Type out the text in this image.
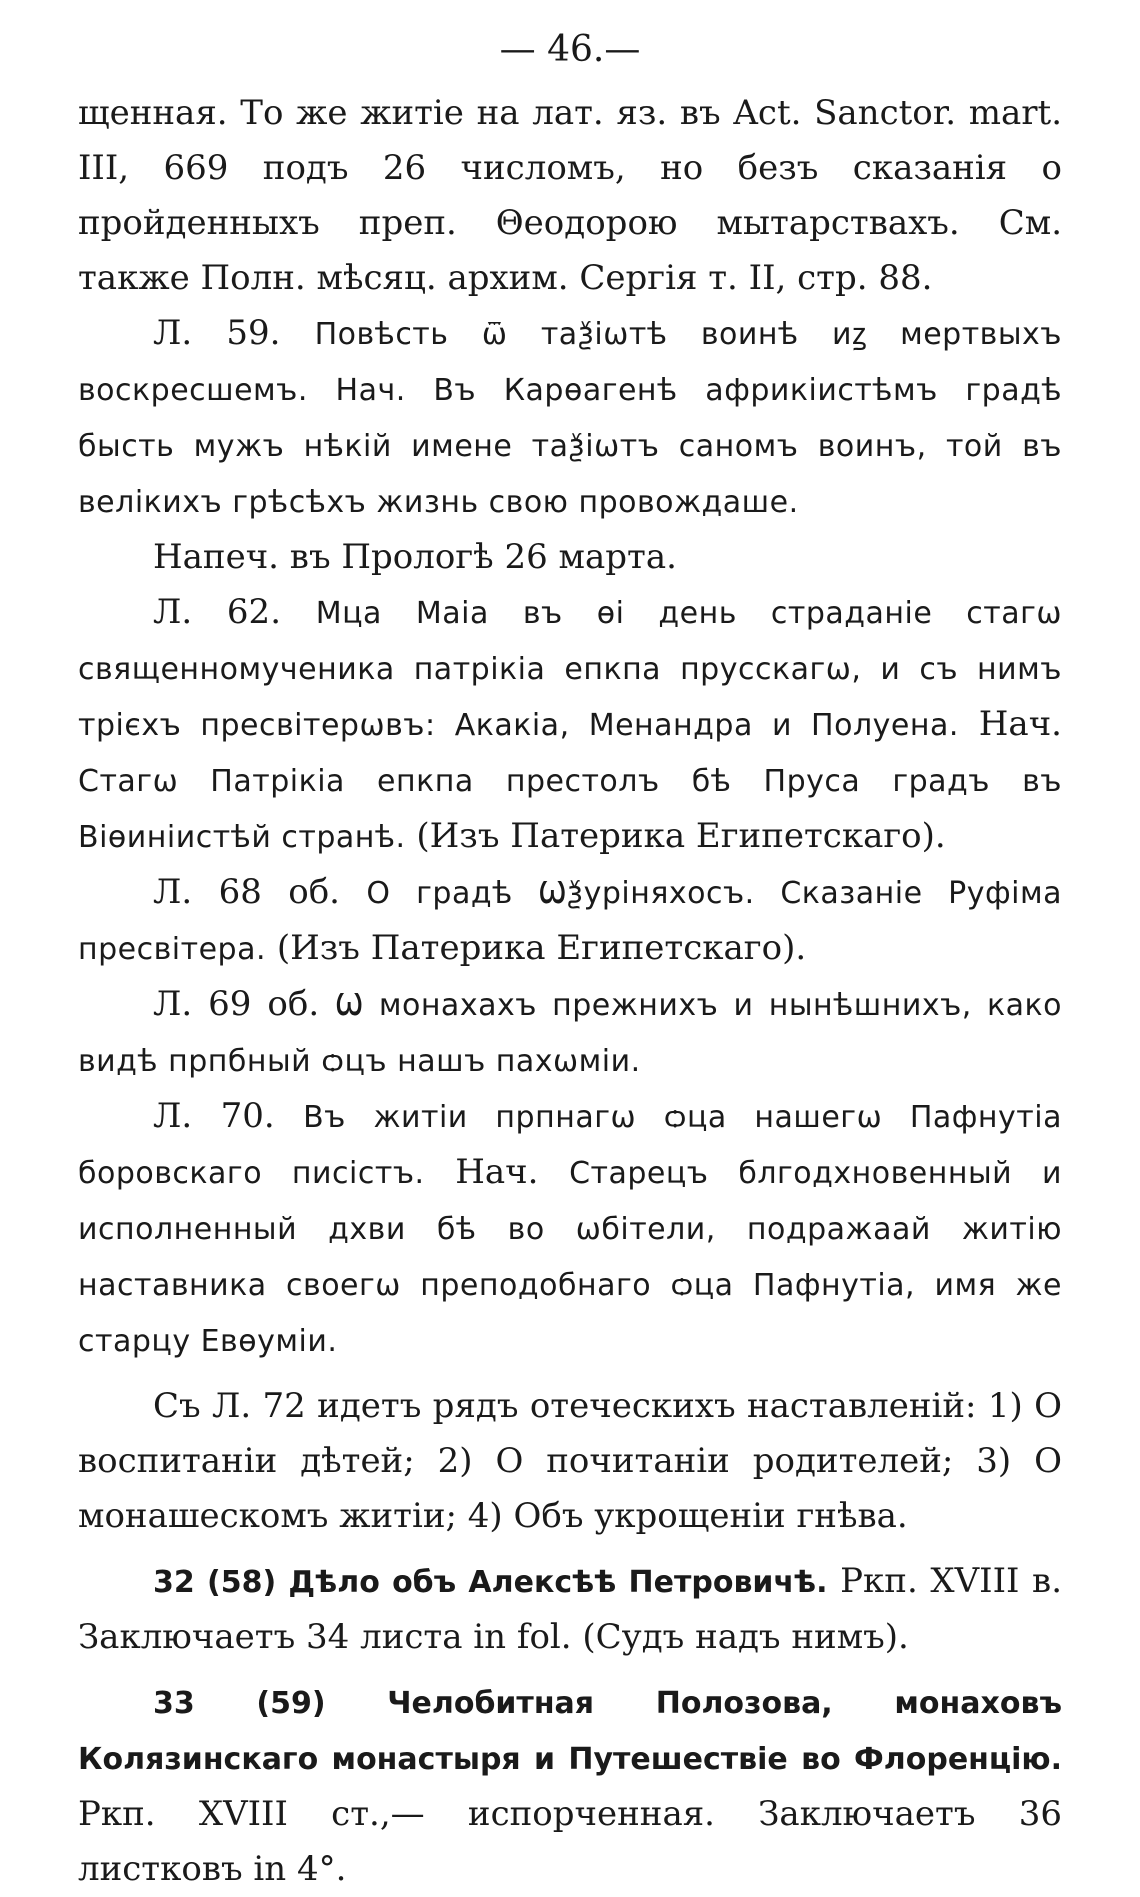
— 46.—

щенная. То же житіе на лат. яз. въ Act. Sanctor. mart. III, 669 подъ 26 числомъ, но безъ сказанія о пройденныхъ преп. Θеодорою мытарствахъ. См. также Полн. мѣсяц. архим. Сергія т. II, стр. 88.

Л. 59. Повѣсть ѿ таѯіѡтѣ воинѣ иꙁ мертвыхъ воскресшемъ. Нач. Въ Карѳагенѣ африкіистѣмъ градѣ бысть мужъ нѣкій имене таѯіѡтъ саномъ воинъ, той въ велікихъ грѣсѣхъ жизнь свою провождаше.

Напеч. въ Прологѣ 26 марта.

Л. 62. Мца Маіа въ ѳі день страданіе стагѡ священномученика патрікіа епкпа прусскагѡ, и съ нимъ трієхъ пресвітерѡвъ: Акакіа, Менандра и Полуена. Нач. Стагѡ Патрікіа епкпа престолъ бѣ Пруса градъ въ Віѳиніистѣй странѣ. (Изъ Патерика Египетскаго).

Л. 68 об. О градѣ Ѡѯуріняхосъ. Сказаніе Руфіма пресвітера. (Изъ Патерика Египетскаго).

Л. 69 об. Ѡ монахахъ прежнихъ и нынѣшнихъ, како видѣ прпбный ѻцъ нашъ пахѡміи.

Л. 70. Въ житіи прпнагѡ ѻца нашегѡ Пафнутіа боровскаго писістъ. Нач. Старецъ блгодхновенный и исполненный дхви бѣ во ѡбітели, подражаай житію наставника своегѡ преподобнаго ѻца Пафнутіа, имя же старцу Евѳуміи.

Съ Л. 72 идетъ рядъ отеческихъ наставленій: 1) О воспитаніи дѣтей; 2) О почитаніи родителей; 3) О монашескомъ житіи; 4) Объ укрощеніи гнѣва.

32 (58) Дѣло объ Алексѣѣ Петровичѣ. Ркп. XVIII в. Заключаетъ 34 листа in fol. (Судъ надъ нимъ).

33 (59) Челобитная Полозова, монаховъ Колязинскаго монастыря и Путешествіе во Флоренцію. Ркп. XVIII ст.,— испорченная. Заключаетъ 36 листковъ in 4°.
